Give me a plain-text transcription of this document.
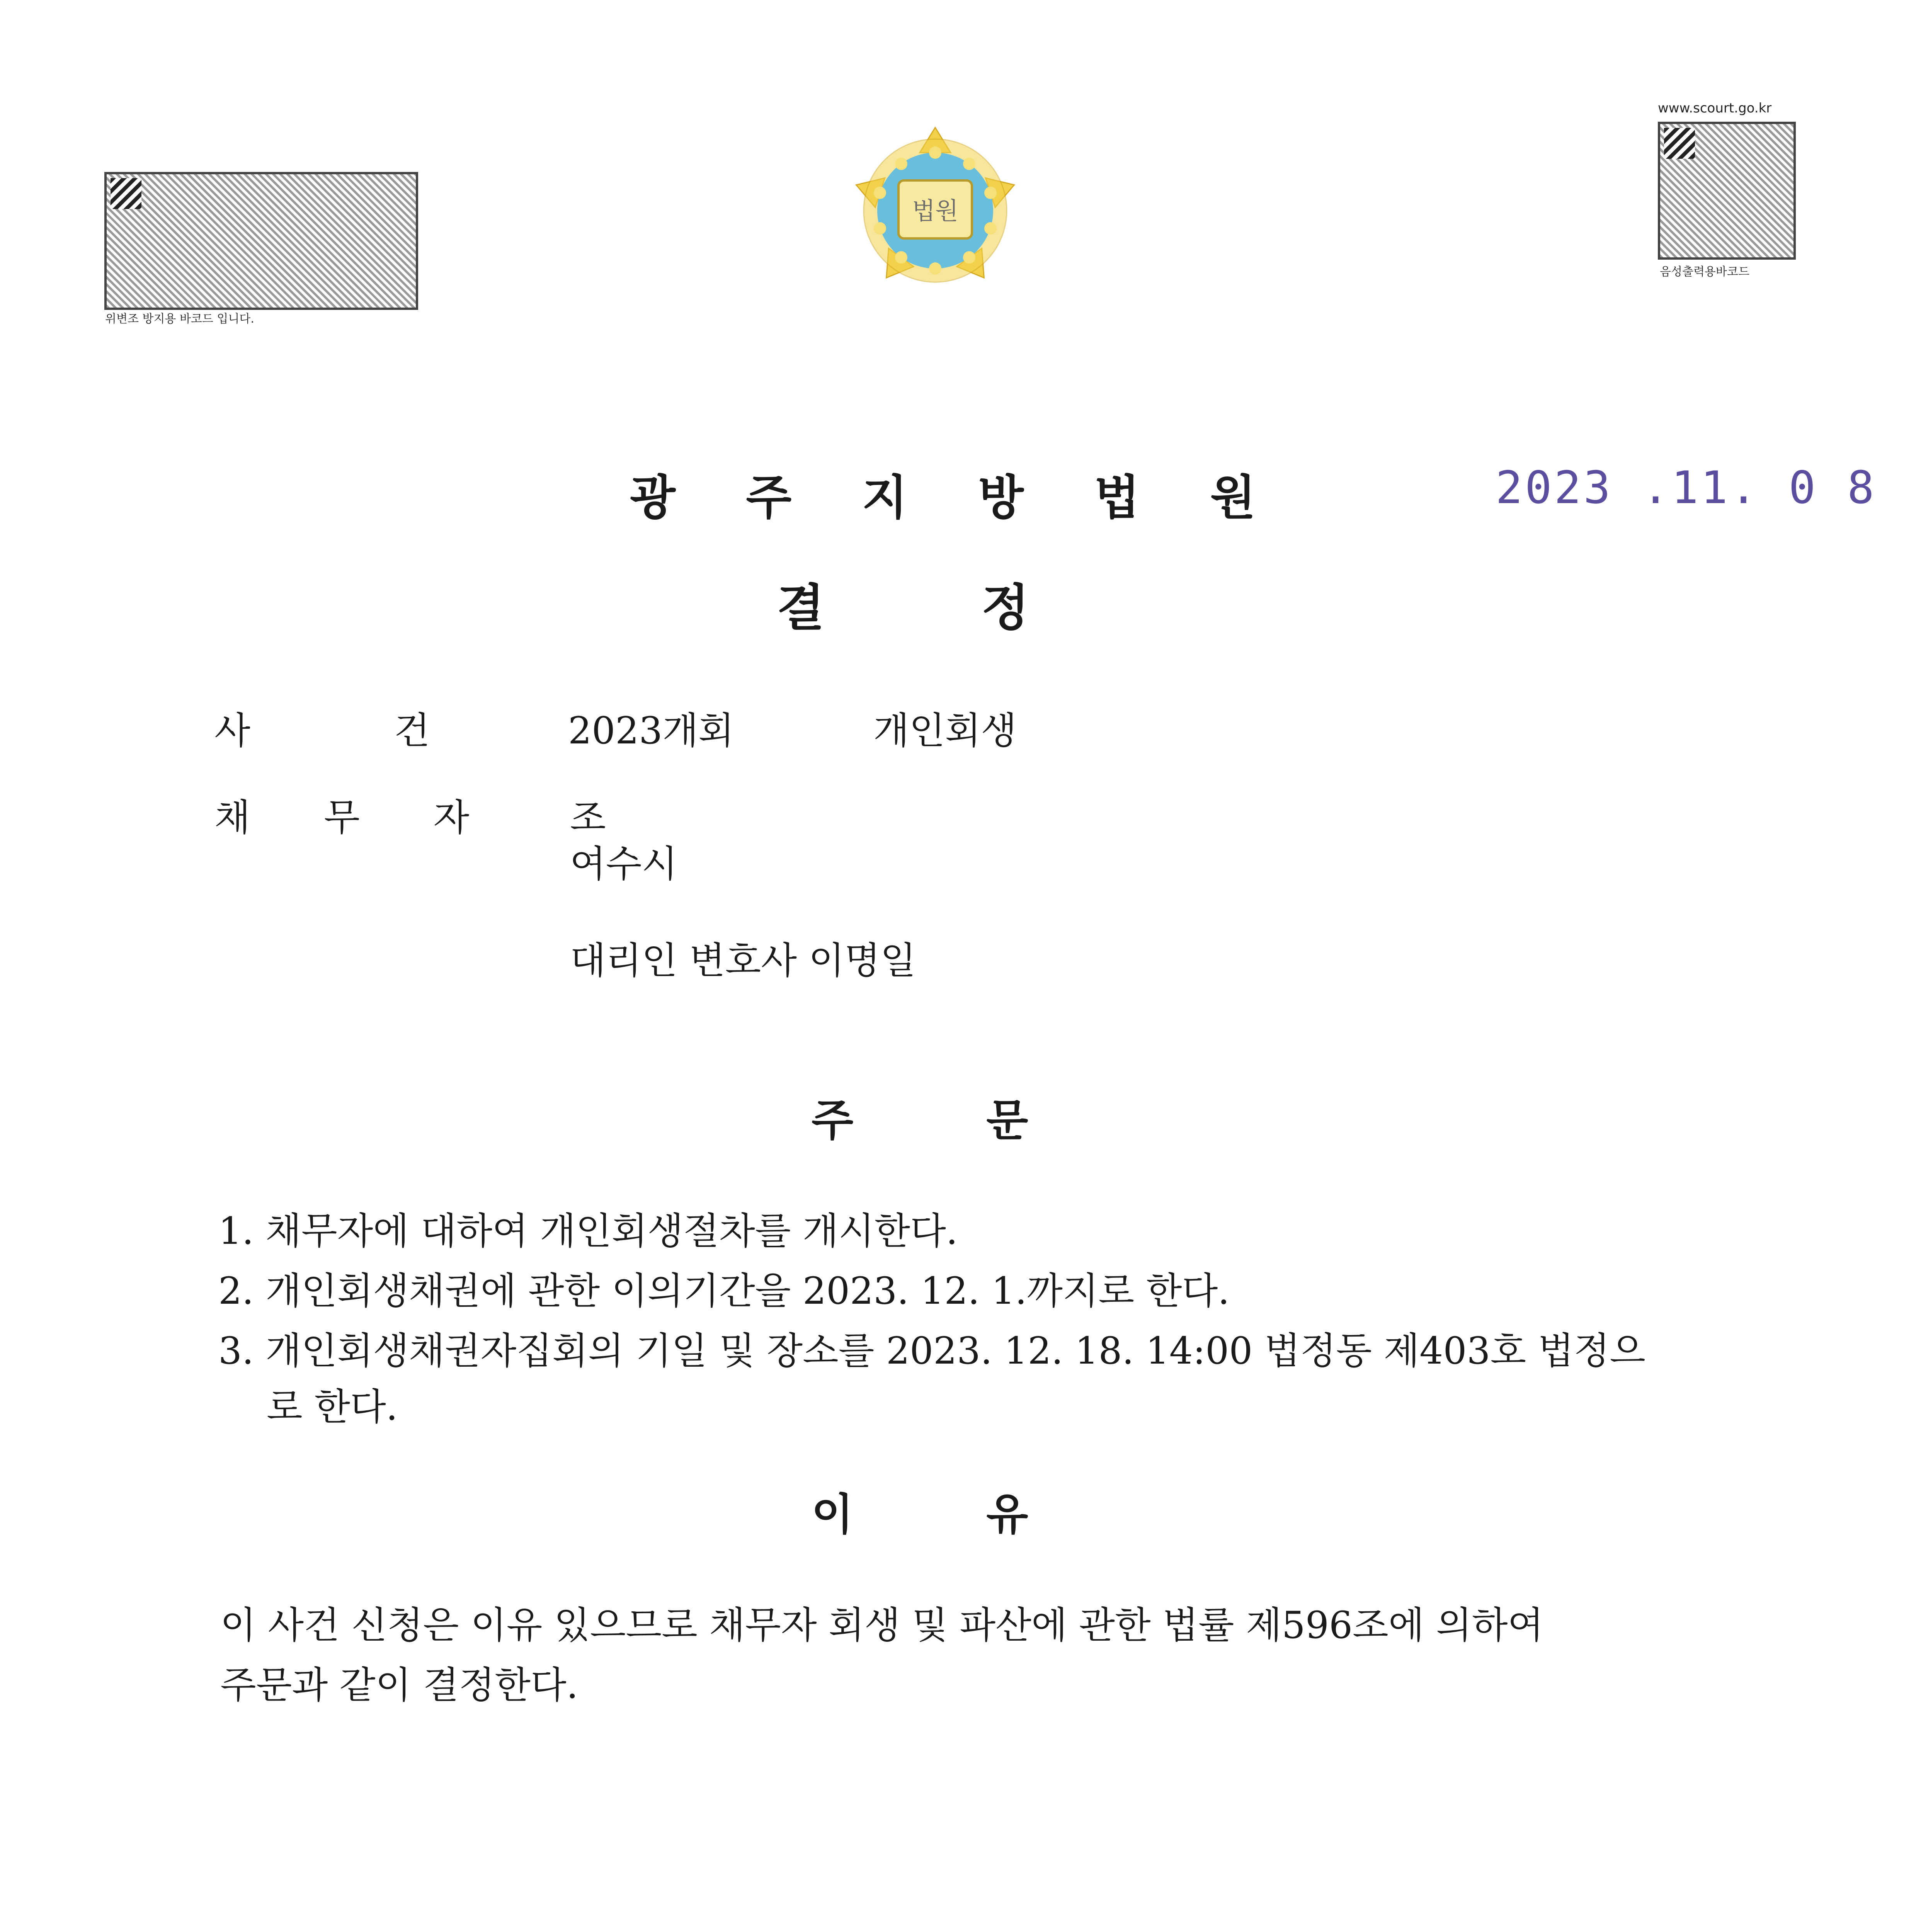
위변조 방지용 바코드 입니다.
www.scourt.go.kr
음성출력용바코드
법원
광 주 지 방 법 원	2023 .11. 0 8
결　　정
사　　건	2023개회	개인회생
채 무 자 조
여수시
대리인 변호사 이명일
주　　문
1. 채무자에 대하여 개인회생절차를 개시한다.
2. 개인회생채권에 관한 이의기간을 2023. 12. 1.까지로 한다.
3. 개인회생채권자집회의 기일 및 장소를 2023. 12. 18. 14:00 법정동 제403호 법정으
로 한다.
이　　유
이 사건 신청은 이유 있으므로 채무자 회생 및 파산에 관한 법률 제596조에 의하여
주문과 같이 결정한다.
